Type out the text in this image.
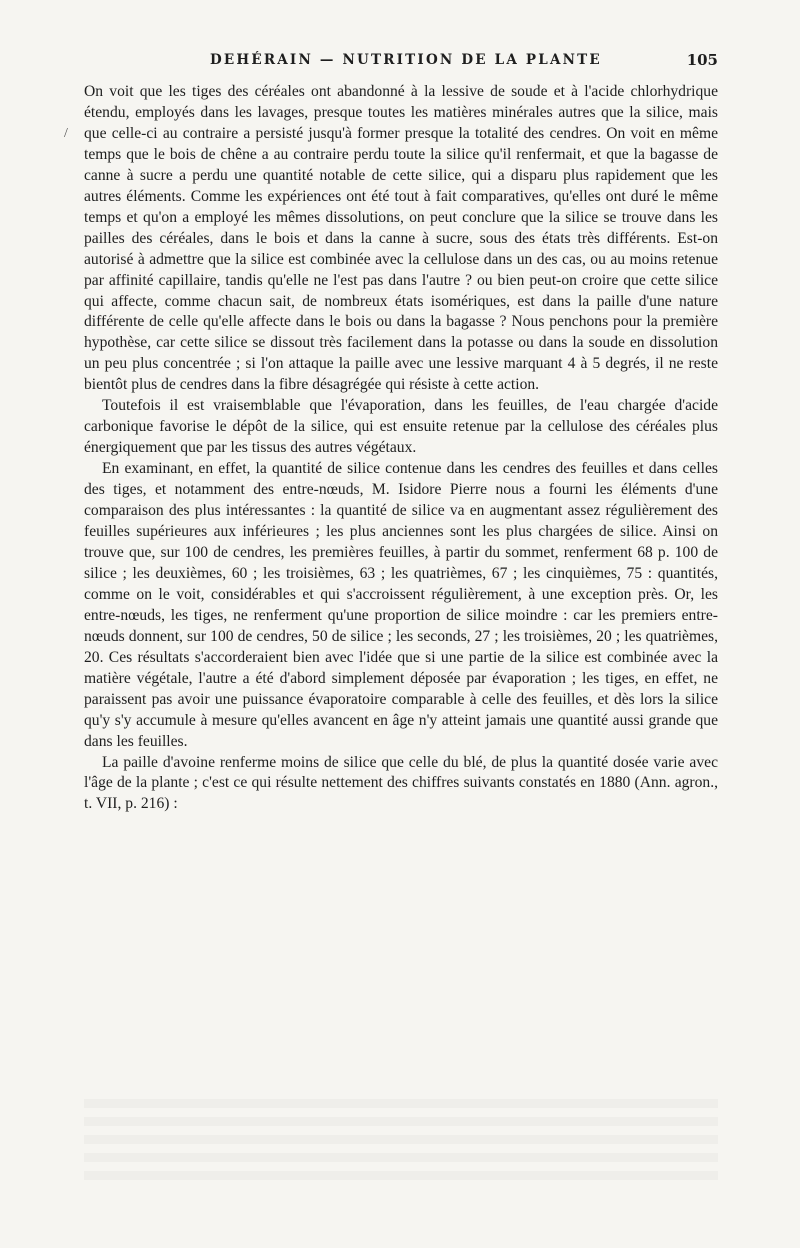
DEHÉRAIN — NUTRITION DE LA PLANTE	105
/

On voit que les tiges des céréales ont abandonné à la lessive de soude et à l'acide chlorhydrique étendu, employés dans les lavages, presque toutes les matières minérales autres que la silice, mais que celle-ci au contraire a persisté jusqu'à former presque la totalité des cendres. On voit en même temps que le bois de chêne a au contraire perdu toute la silice qu'il renfermait, et que la bagasse de canne à sucre a perdu une quantité notable de cette silice, qui a disparu plus rapidement que les autres éléments. Comme les expériences ont été tout à fait comparatives, qu'elles ont duré le même temps et qu'on a employé les mêmes dissolutions, on peut conclure que la silice se trouve dans les pailles des céréales, dans le bois et dans la canne à sucre, sous des états très différents. Est-on autorisé à admettre que la silice est combinée avec la cellulose dans un des cas, ou au moins retenue par affinité capillaire, tandis qu'elle ne l'est pas dans l'autre ? ou bien peut-on croire que cette silice qui affecte, comme chacun sait, de nombreux états isomériques, est dans la paille d'une nature différente de celle qu'elle affecte dans le bois ou dans la bagasse ? Nous penchons pour la première hypothèse, car cette silice se dissout très facilement dans la potasse ou dans la soude en dissolution un peu plus concentrée ; si l'on attaque la paille avec une lessive marquant 4 à 5 degrés, il ne reste bientôt plus de cendres dans la fibre désagrégée qui résiste à cette action.

Toutefois il est vraisemblable que l'évaporation, dans les feuilles, de l'eau chargée d'acide carbonique favorise le dépôt de la silice, qui est ensuite retenue par la cellulose des céréales plus énergiquement que par les tissus des autres végétaux.

En examinant, en effet, la quantité de silice contenue dans les cendres des feuilles et dans celles des tiges, et notamment des entre-nœuds, M. Isidore Pierre nous a fourni les éléments d'une comparaison des plus intéressantes : la quantité de silice va en augmentant assez régulièrement des feuilles supérieures aux inférieures ; les plus anciennes sont les plus chargées de silice. Ainsi on trouve que, sur 100 de cendres, les premières feuilles, à partir du sommet, renferment 68 p. 100 de silice ; les deuxièmes, 60 ; les troisièmes, 63 ; les quatrièmes, 67 ; les cinquièmes, 75 : quantités, comme on le voit, considérables et qui s'accroissent régulièrement, à une exception près. Or, les entre-nœuds, les tiges, ne renferment qu'une proportion de silice moindre : car les premiers entre-nœuds donnent, sur 100 de cendres, 50 de silice ; les seconds, 27 ; les troisièmes, 20 ; les quatrièmes, 20. Ces résultats s'accorderaient bien avec l'idée que si une partie de la silice est combinée avec la matière végétale, l'autre a été d'abord simplement déposée par évaporation ; les tiges, en effet, ne paraissent pas avoir une puissance évaporatoire comparable à celle des feuilles, et dès lors la silice qu'y s'y accumule à mesure qu'elles avancent en âge n'y atteint jamais une quantité aussi grande que dans les feuilles.

La paille d'avoine renferme moins de silice que celle du blé, de plus la quantité dosée varie avec l'âge de la plante ; c'est ce qui résulte nettement des chiffres suivants constatés en 1880 (Ann. agron., t. VII, p. 216) :
